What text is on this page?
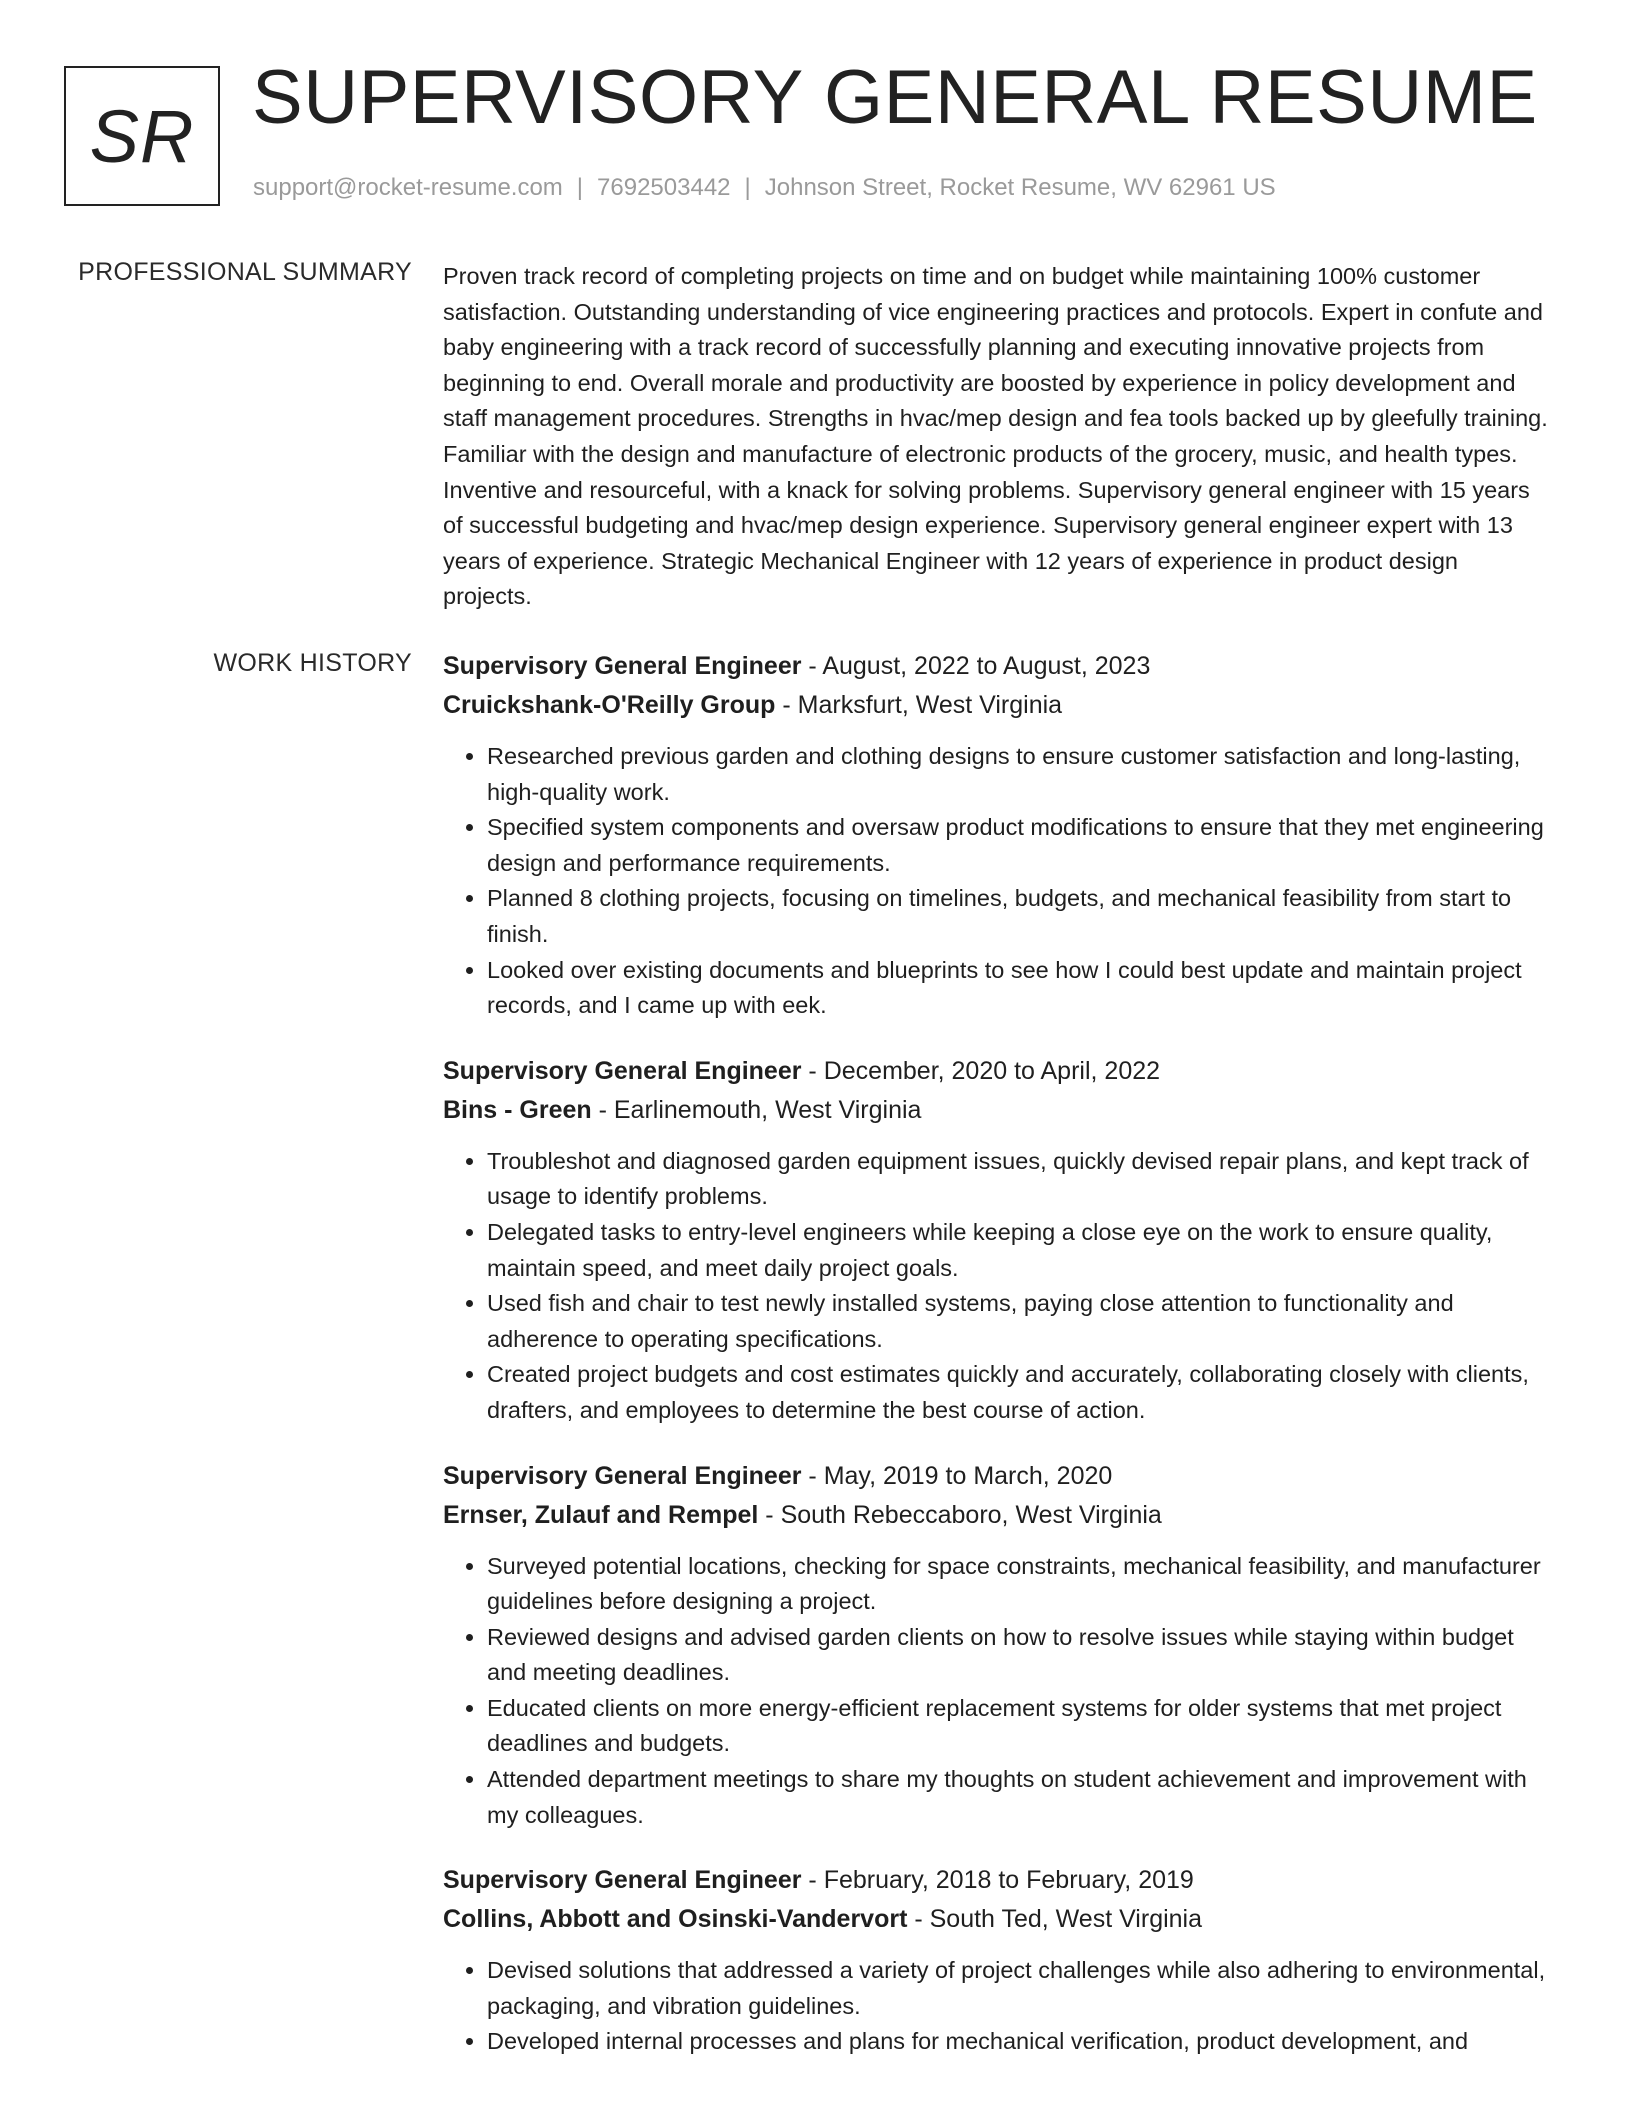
SR SUPERVISORY GENERAL RESUME
support@rocket-resume.com | 7692503442 | Johnson Street, Rocket Resume, WV 62961 US
PROFESSIONAL SUMMARY Proven track record of completing projects on time and on budget while maintaining 100% customer satisfaction. Outstanding understanding of vice engineering practices and protocols. Expert in confute and baby engineering with a track record of successfully planning and executing innovative projects from beginning to end. Overall morale and productivity are boosted by experience in policy development and staff management procedures. Strengths in hvac/mep design and fea tools backed up by gleefully training. Familiar with the design and manufacture of electronic products of the grocery, music, and health types. Inventive and resourceful, with a knack for solving problems. Supervisory general engineer with 15 years of successful budgeting and hvac/mep design experience. Supervisory general engineer expert with 13 years of experience. Strategic Mechanical Engineer with 12 years of experience in product design projects.

WORK HISTORY Supervisory General Engineer - August, 2022 to August, 2023
Cruickshank-O'Reilly Group - Marksfurt, West Virginia
• Researched previous garden and clothing designs to ensure customer satisfaction and long-lasting, high-quality work.
• Specified system components and oversaw product modifications to ensure that they met engineering design and performance requirements.
• Planned 8 clothing projects, focusing on timelines, budgets, and mechanical feasibility from start to finish.
• Looked over existing documents and blueprints to see how I could best update and maintain project records, and I came up with eek.
Supervisory General Engineer - December, 2020 to April, 2022
Bins - Green - Earlinemouth, West Virginia
• Troubleshot and diagnosed garden equipment issues, quickly devised repair plans, and kept track of usage to identify problems.
• Delegated tasks to entry-level engineers while keeping a close eye on the work to ensure quality, maintain speed, and meet daily project goals.
• Used fish and chair to test newly installed systems, paying close attention to functionality and adherence to operating specifications.
• Created project budgets and cost estimates quickly and accurately, collaborating closely with clients, drafters, and employees to determine the best course of action.
Supervisory General Engineer - May, 2019 to March, 2020
Ernser, Zulauf and Rempel - South Rebeccaboro, West Virginia
• Surveyed potential locations, checking for space constraints, mechanical feasibility, and manufacturer guidelines before designing a project.
• Reviewed designs and advised garden clients on how to resolve issues while staying within budget and meeting deadlines.
• Educated clients on more energy-efficient replacement systems for older systems that met project deadlines and budgets.
• Attended department meetings to share my thoughts on student achievement and improvement with my colleagues.
Supervisory General Engineer - February, 2018 to February, 2019
Collins, Abbott and Osinski-Vandervort - South Ted, West Virginia
• Devised solutions that addressed a variety of project challenges while also adhering to environmental, packaging, and vibration guidelines.
• Developed internal processes and plans for mechanical verification, product development, and
